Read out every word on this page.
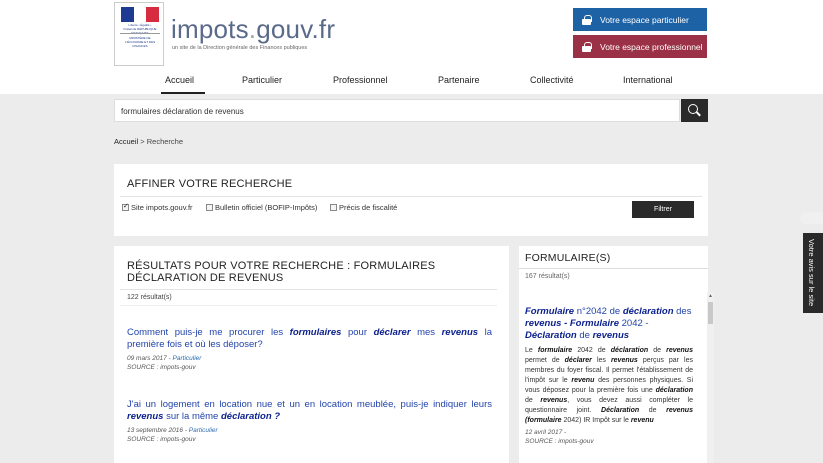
Liberté • Égalité • Fraternité RÉPUBLIQUE
MINISTÈRE DE L'ÉCONOMIE ET DES FINANCES
impots.gouv.fr
un site de la Direction générale des Finances publiques
Votre espace particulier
Votre espace professionnel
Accueil	Particulier	Professionnel	Partenaire	Collectivité	International
formulaires déclaration de revenus
Accueil > Recherche
AFFINER VOTRE RECHERCHE
✓
Site impots.gouv.fr	Bulletin officiel (BOFIP-Impôts)	Précis de fiscalité	Filtrer
RÉSULTATS POUR VOTRE RECHERCHE : FORMULAIRES DÉCLARATION DE REVENUS
122 résultat(s)
Comment puis-je me procurer les formulaires pour déclarer mes revenus la première fois et où les déposer?
09 mars 2017 - Particulier
SOURCE : impots-gouv
J'ai un logement en location nue et un en location meublée, puis-je indiquer leurs revenus sur la même déclaration ?
13 septembre 2016 - Particulier
SOURCE : impots-gouv
FORMULAIRE(S)
167 résultat(s)
Formulaire n°2042 de déclaration des revenus - Formulaire 2042 - Déclaration de revenus
Le formulaire 2042 de déclaration de revenus permet de déclarer les revenus perçus par les membres du foyer fiscal. Il permet l'établissement de l'impôt sur le revenu des personnes physiques. Si vous déposez pour la première fois une déclaration de revenus, vous devez aussi compléter le questionnaire joint. Déclaration de revenus (formulaire 2042) IR Impôt sur le revenu
12 avril 2017 -
SOURCE : impots-gouv
▲	Votre avis sur le site
